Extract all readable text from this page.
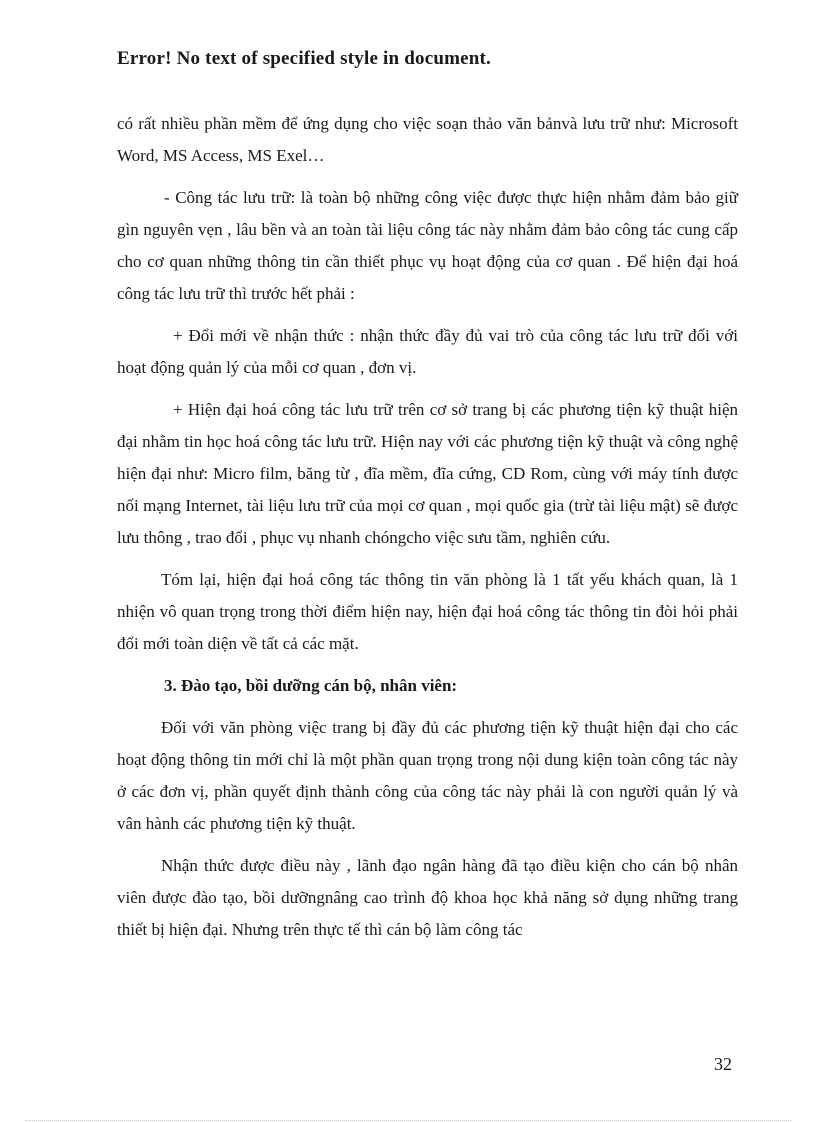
Error! No text of specified style in document.

có rất nhiều phần mềm để ứng dụng cho việc soạn thảo văn bảnvà lưu trữ như: Microsoft Word, MS Access, MS Exel…

- Công tác lưu trữ: là toàn bộ những công việc được thực hiện nhằm đảm bảo giữ gìn nguyên vẹn , lâu bền và an toàn tài liệu công tác này nhằm đảm bảo công tác cung cấp cho cơ quan những thông tin cần thiết phục vụ hoạt động của cơ quan . Để hiện đại hoá công tác lưu trữ thì trước hết phải :

+ Đổi mới về nhận thức : nhận thức đầy đủ vai trò của công tác lưu trữ đối với hoạt động quản lý của mỗi cơ quan , đơn vị.

+ Hiện đại hoá công tác lưu trữ trên cơ sở trang bị các phương tiện kỹ thuật hiện đại nhằm tin học hoá công tác lưu trữ. Hiện nay với các phương tiện kỹ thuật và công nghệ hiện đại như: Micro film, băng từ , đĩa mềm, đĩa cứng, CD Rom, cùng với máy tính được nối mạng Internet, tài liệu lưu trữ của mọi cơ quan , mọi quốc gia (trừ tài liệu mật) sẽ được lưu thông , trao đổi , phục vụ nhanh chóngcho việc sưu tầm, nghiên cứu.

Tóm lại, hiện đại hoá công tác thông tin văn phòng là 1 tất yếu khách quan, là 1 nhiện vô quan trọng trong thời điểm hiện nay, hiện đại hoá công tác thông tin đòi hỏi phải đổi mới toàn diện về tất cả các mặt.

3. Đào tạo, bồi dưỡng cán bộ, nhân viên:

Đối với văn phòng việc trang bị đầy đủ các phương tiện kỹ thuật hiện đại cho các hoạt động thông tin mới chỉ là một phần quan trọng trong nội dung kiện toàn công tác này ở các đơn vị, phần quyết định thành công của công tác này phải là con người quản lý và vân hành các phương tiện kỹ thuật.

Nhận thức được điều này , lãnh đạo ngân hàng đã tạo điều kiện cho cán bộ nhân viên được đào tạo, bồi dưỡngnâng cao trình độ khoa học khả năng sở dụng những trang thiết bị hiện đại. Nhưng trên thực tế thì cán bộ làm công tác

32
